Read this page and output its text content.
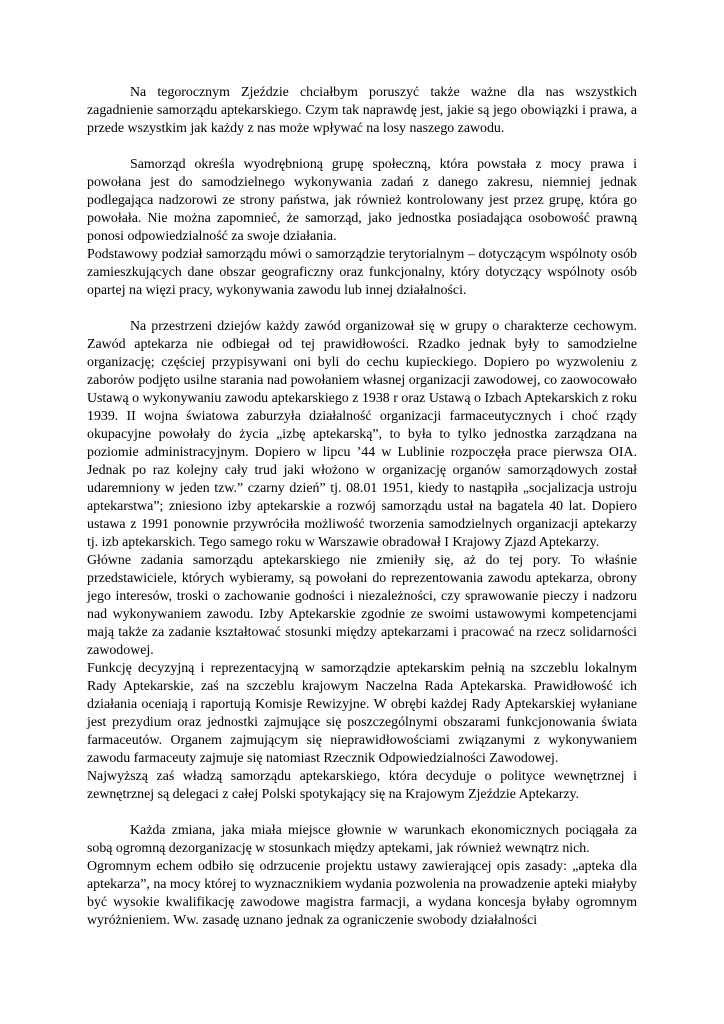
Na tegorocznym Zjeździe chciałbym poruszyć także ważne dla nas wszystkich zagadnienie samorządu aptekarskiego. Czym tak naprawdę jest, jakie są jego obowiązki i prawa, a przede wszystkim jak każdy z nas może wpływać na losy naszego zawodu.

Samorząd określa wyodrębnioną grupę społeczną, która powstała z mocy prawa i powołana jest do samodzielnego wykonywania zadań z danego zakresu, niemniej jednak podlegająca nadzorowi ze strony państwa, jak również kontrolowany jest przez grupę, która go powołała. Nie można zapomnieć, że samorząd, jako jednostka posiadająca osobowość prawną ponosi odpowiedzialność za swoje działania.

Podstawowy podział samorządu mówi o samorządzie terytorialnym – dotyczącym wspólnoty osób zamieszkujących dane obszar geograficzny oraz funkcjonalny, który dotyczący wspólnoty osób opartej na więzi pracy, wykonywania zawodu lub innej działalności.

Na przestrzeni dziejów każdy zawód organizował się w grupy o charakterze cechowym. Zawód aptekarza nie odbiegał od tej prawidłowości. Rzadko jednak były to samodzielne organizację; częściej przypisywani oni byli do cechu kupieckiego. Dopiero po wyzwoleniu z zaborów podjęto usilne starania nad powołaniem własnej organizacji zawodowej, co zaowocowało Ustawą o wykonywaniu zawodu aptekarskiego z 1938 r oraz Ustawą o Izbach Aptekarskich z roku 1939. II wojna światowa zaburzyła działalność organizacji farmaceutycznych i choć rządy okupacyjne powołały do życia „izbę aptekarską”, to była to tylko jednostka zarządzana na poziomie administracyjnym. Dopiero w lipcu ’44 w Lublinie rozpoczęła prace pierwsza OIA. Jednak po raz kolejny cały trud jaki włożono w organizację organów samorządowych został udaremniony w jeden tzw.” czarny dzień” tj. 08.01 1951, kiedy to nastąpiła „socjalizacja ustroju aptekarstwa”; zniesiono izby aptekarskie a rozwój samorządu ustał na bagatela 40 lat. Dopiero ustawa z 1991 ponownie przywróciła możliwość tworzenia samodzielnych organizacji aptekarzy tj. izb aptekarskich. Tego samego roku w Warszawie obradował I Krajowy Zjazd Aptekarzy.

Główne zadania samorządu aptekarskiego nie zmieniły się, aż do tej pory. To właśnie przedstawiciele, których wybieramy, są powołani do reprezentowania zawodu aptekarza, obrony jego interesów, troski o zachowanie godności i niezależności, czy sprawowanie pieczy i nadzoru nad wykonywaniem zawodu. Izby Aptekarskie zgodnie ze swoimi ustawowymi kompetencjami mają także za zadanie kształtować stosunki między aptekarzami i pracować na rzecz solidarności zawodowej.

Funkcję decyzyjną i reprezentacyjną w samorządzie aptekarskim pełnią na szczeblu lokalnym Rady Aptekarskie, zaś na szczeblu krajowym Naczelna Rada Aptekarska. Prawidłowość ich działania oceniają i raportują Komisje Rewizyjne. W obrębi każdej Rady Aptekarskiej wyłaniane jest prezydium oraz jednostki zajmujące się poszczególnymi obszarami funkcjonowania świata farmaceutów. Organem zajmującym się nieprawidłowościami związanymi z wykonywaniem zawodu farmaceuty zajmuje się natomiast Rzecznik Odpowiedzialności Zawodowej.

Najwyższą zaś władzą samorządu aptekarskiego, która decyduje o polityce wewnętrznej i zewnętrznej są delegaci z całej Polski spotykający się na Krajowym Zjeździe Aptekarzy.

Każda zmiana, jaka miała miejsce głownie w warunkach ekonomicznych pociągała za sobą ogromną dezorganizację w stosunkach między aptekami, jak również wewnątrz nich.

Ogromnym echem odbiło się odrzucenie projektu ustawy zawierającej opis zasady: „apteka dla aptekarza”, na mocy której to wyznacznikiem wydania pozwolenia na prowadzenie apteki miałyby być wysokie kwalifikację zawodowe magistra farmacji, a wydana koncesja byłaby ogromnym wyróżnieniem. Ww. zasadę uznano jednak za ograniczenie swobody działalności
